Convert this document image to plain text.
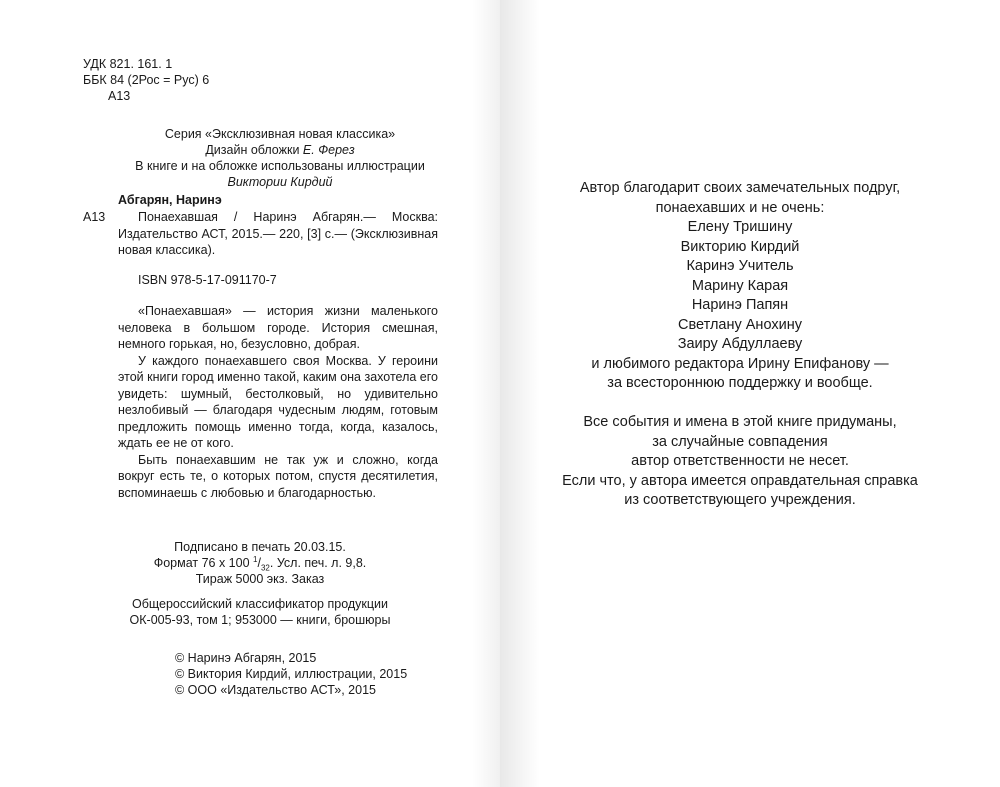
УДК 821. 161. 1
ББК 84 (2Рос = Рус) 6
А13
Серия «Эксклюзивная новая классика»
Дизайн обложки Е. Ферез
В книге и на обложке использованы иллюстрации
Виктории Кирдий
Абгарян, Наринэ
А13	Понаехавшая / Наринэ Абгарян.— Москва: Издательство АСТ, 2015.— 220, [3] с.— (Эксклюзивная новая классика).
ISBN 978-5-17-091170-7

«Понаехавшая» — история жизни маленького человека в большом городе. История смешная, немного горькая, но, безусловно, добрая.

У каждого понаехавшего своя Москва. У героини этой книги город именно такой, каким она захотела его увидеть: шумный, бестолковый, но удивительно незлобивый — благодаря чудесным людям, готовым предложить помощь именно тогда, когда, казалось, ждать ее не от кого.

Быть понаехавшим не так уж и сложно, когда вокруг есть те, о которых потом, спустя десятилетия, вспоминаешь с любовью и благодарностью.

Подписано в печать 20.03.15.
Формат 76 х 100 $^1/_{32}$. Усл. печ. л. 9,8.
Тираж 5000 экз. Заказ
Общероссийский классификатор продукции
ОК-005-93, том 1; 953000 — книги, брошюры
© Наринэ Абгарян, 2015
© Виктория Кирдий, иллюстрации, 2015
© ООО «Издательство АСТ», 2015
Автор благодарит своих замечательных подруг,
понаехавших и не очень:
Елену Тришину
Викторию Кирдий
Каринэ Учитель
Марину Карая
Наринэ Папян
Светлану Анохину
Заиру Абдуллаеву
и любимого редактора Ирину Епифанову —
за всестороннюю поддержку и вообще.
Все события и имена в этой книге придуманы,
за случайные совпадения
автор ответственности не несет.
Если что, у автора имеется оправдательная справка
из соответствующего учреждения.
